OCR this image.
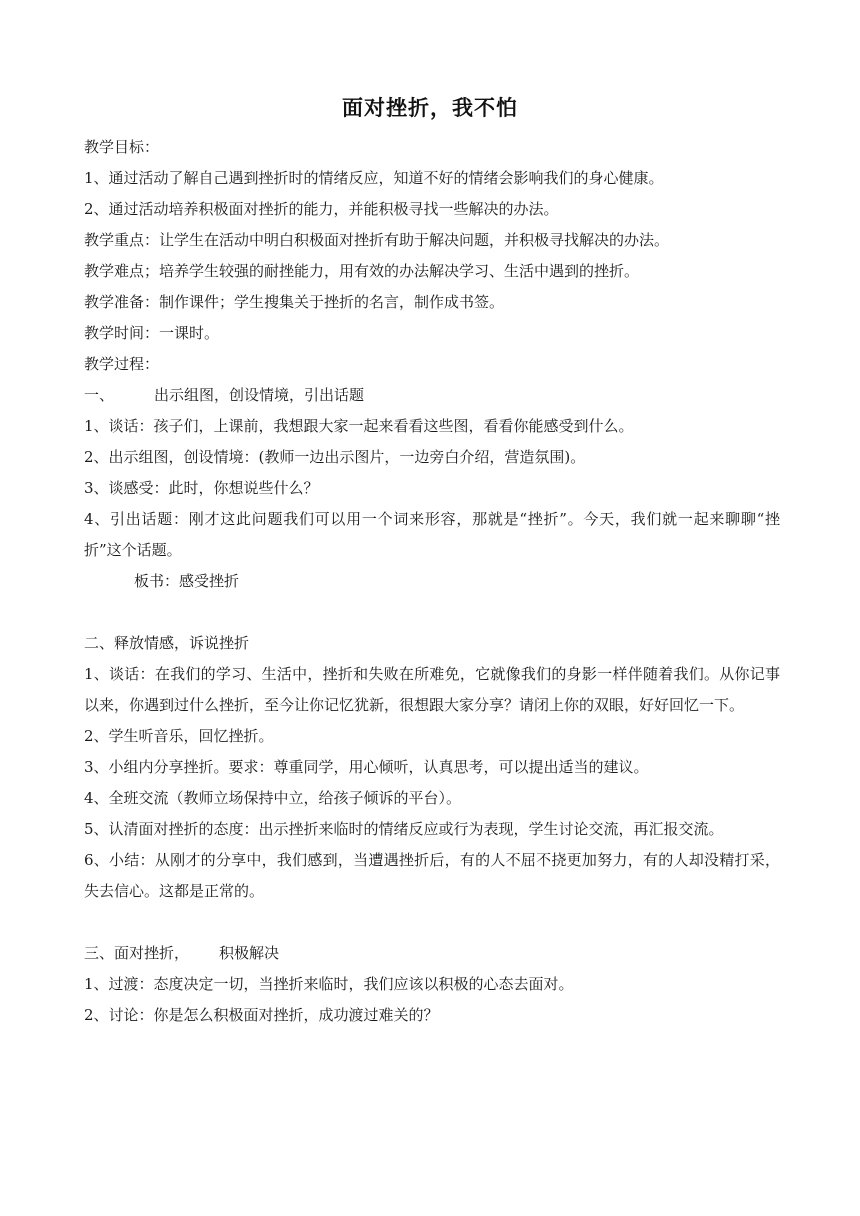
面对挫折，我不怕

教学目标：

1、通过活动了解自己遇到挫折时的情绪反应，知道不好的情绪会影响我们的身心健康。

2、通过活动培养积极面对挫折的能力，并能积极寻找一些解决的办法。

教学重点：让学生在活动中明白积极面对挫折有助于解决问题，并积极寻找解决的办法。

教学难点；培养学生较强的耐挫能力，用有效的办法解决学习、生活中遇到的挫折。

教学准备：制作课件；学生搜集关于挫折的名言，制作成书签。

教学时间：一课时。

教学过程：

一、	出示组图，创设情境，引出话题

1、谈话：孩子们，上课前，我想跟大家一起来看看这些图，看看你能感受到什么。

2、出示组图，创设情境：(教师一边出示图片，一边旁白介绍，营造氛围)。

3、谈感受：此时，你想说些什么？

4、引出话题：刚才这此问题我们可以用一个词来形容，那就是“挫折”。今天，我们就一起来聊聊“挫折”这个话题。

板书：感受挫折

二、释放情感，诉说挫折

1、谈话：在我们的学习、生活中，挫折和失败在所难免，它就像我们的身影一样伴随着我们。从你记事以来，你遇到过什么挫折，至今让你记忆犹新，很想跟大家分享？请闭上你的双眼，好好回忆一下。

2、学生听音乐，回忆挫折。

3、小组内分享挫折。要求：尊重同学，用心倾听，认真思考，可以提出适当的建议。

4、全班交流（教师立场保持中立，给孩子倾诉的平台）。

5、认清面对挫折的态度：出示挫折来临时的情绪反应或行为表现，学生讨论交流，再汇报交流。

6、小结：从刚才的分享中，我们感到，当遭遇挫折后，有的人不屈不挠更加努力，有的人却没精打采，失去信心。这都是正常的。

三、面对挫折， 积极解决

1、过渡：态度决定一切，当挫折来临时，我们应该以积极的心态去面对。

2、讨论：你是怎么积极面对挫折，成功渡过难关的？
